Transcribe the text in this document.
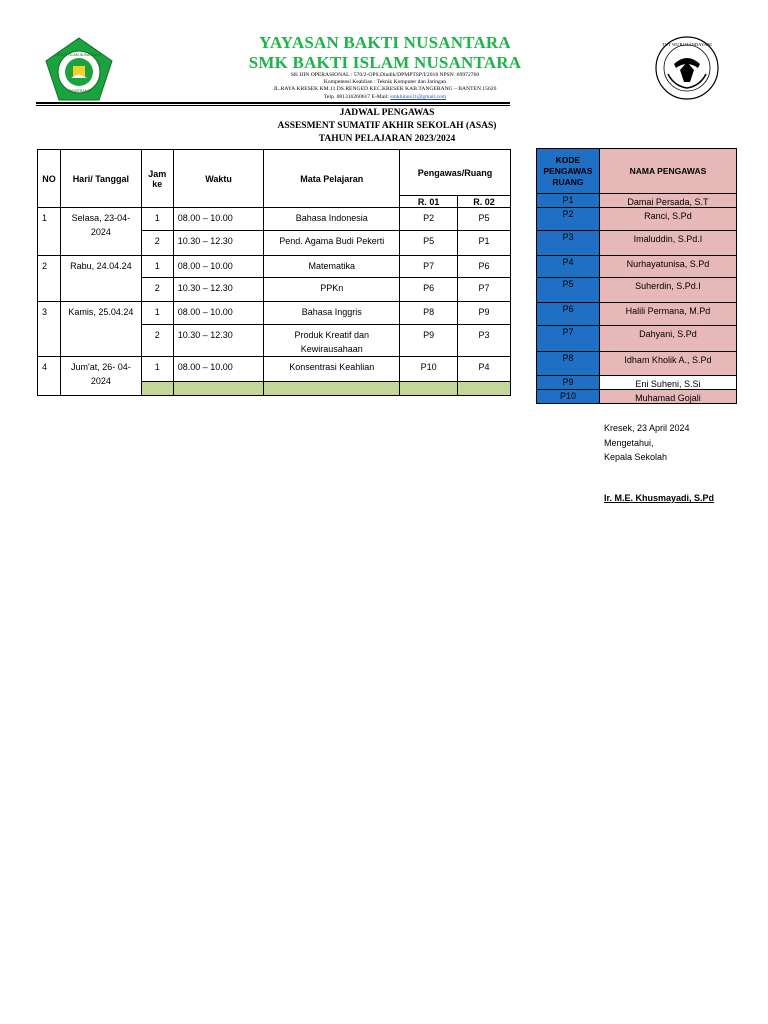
BAKTI ISLAM NUSANTARA
TANGERANG
TUT WURI HANDAYANI
YAYASAN BAKTI NUSANTARA
SMK BAKTI ISLAM NUSANTARA
SK IJIN OPERASIONAL : 570/2-OPS.Dindik/DPMPTSP/I/2018 NPSN :69972760
Kompetensi Keahlian : Teknik Komputer dan Jaringan
JL.RAYA KRESEK KM.11 DS.RENGED KEC.KRESEK KAB.TANGERANG – BANTEN 15620
Telp. 081316260617 E-Mail: smkbinus11@gmail.com
JADWAL PENGAWAS
ASSESMENT SUMATIF AKHIR SEKOLAH (ASAS)
TAHUN PELAJARAN 2023/2024
NO	Hari/ Tanggal	Jam ke	Waktu	Mata Pelajaran	Pengawas/Ruang	
					R. 01	R. 02
1	Selasa, 23-04-2024	1	08.00 – 10.00	Bahasa Indonesia	P2	P5
		2	10.30 – 12.30	Pend. Agama Budi Pekerti	P5	P1
2	Rabu, 24.04.24	1	08.00 – 10.00	Matematika	P7	P6
		2	10.30 – 12.30	PPKn	P6	P7
3	Kamis, 25.04.24	1	08.00 – 10.00	Bahasa Inggris	P8	P9
		2	10.30 – 12.30	Produk Kreatif dan Kewirausahaan	P9	P3
4	Jum'at, 26- 04-2024	1	08.00 – 10.00	Konsentrasi Keahlian	P10	P4

KODE PENGAWAS RUANG	NAMA PENGAWAS
P1	Damai Persada, S.T
P2	Ranci, S.Pd
P3	Imaluddin, S.Pd.I
P4	Nurhayatunisa, S.Pd
P5	Suherdin, S.Pd.I
P6	Halili Permana, M.Pd
P7	Dahyani, S.Pd
P8	Idham Kholik A., S.Pd
P9	Eni Suheni, S.Si
P10	Muhamad Gojali
Kresek, 23 April 2024
Mengetahui,
Kepala Sekolah
Ir. M.E. Khusmayadi, S.Pd
